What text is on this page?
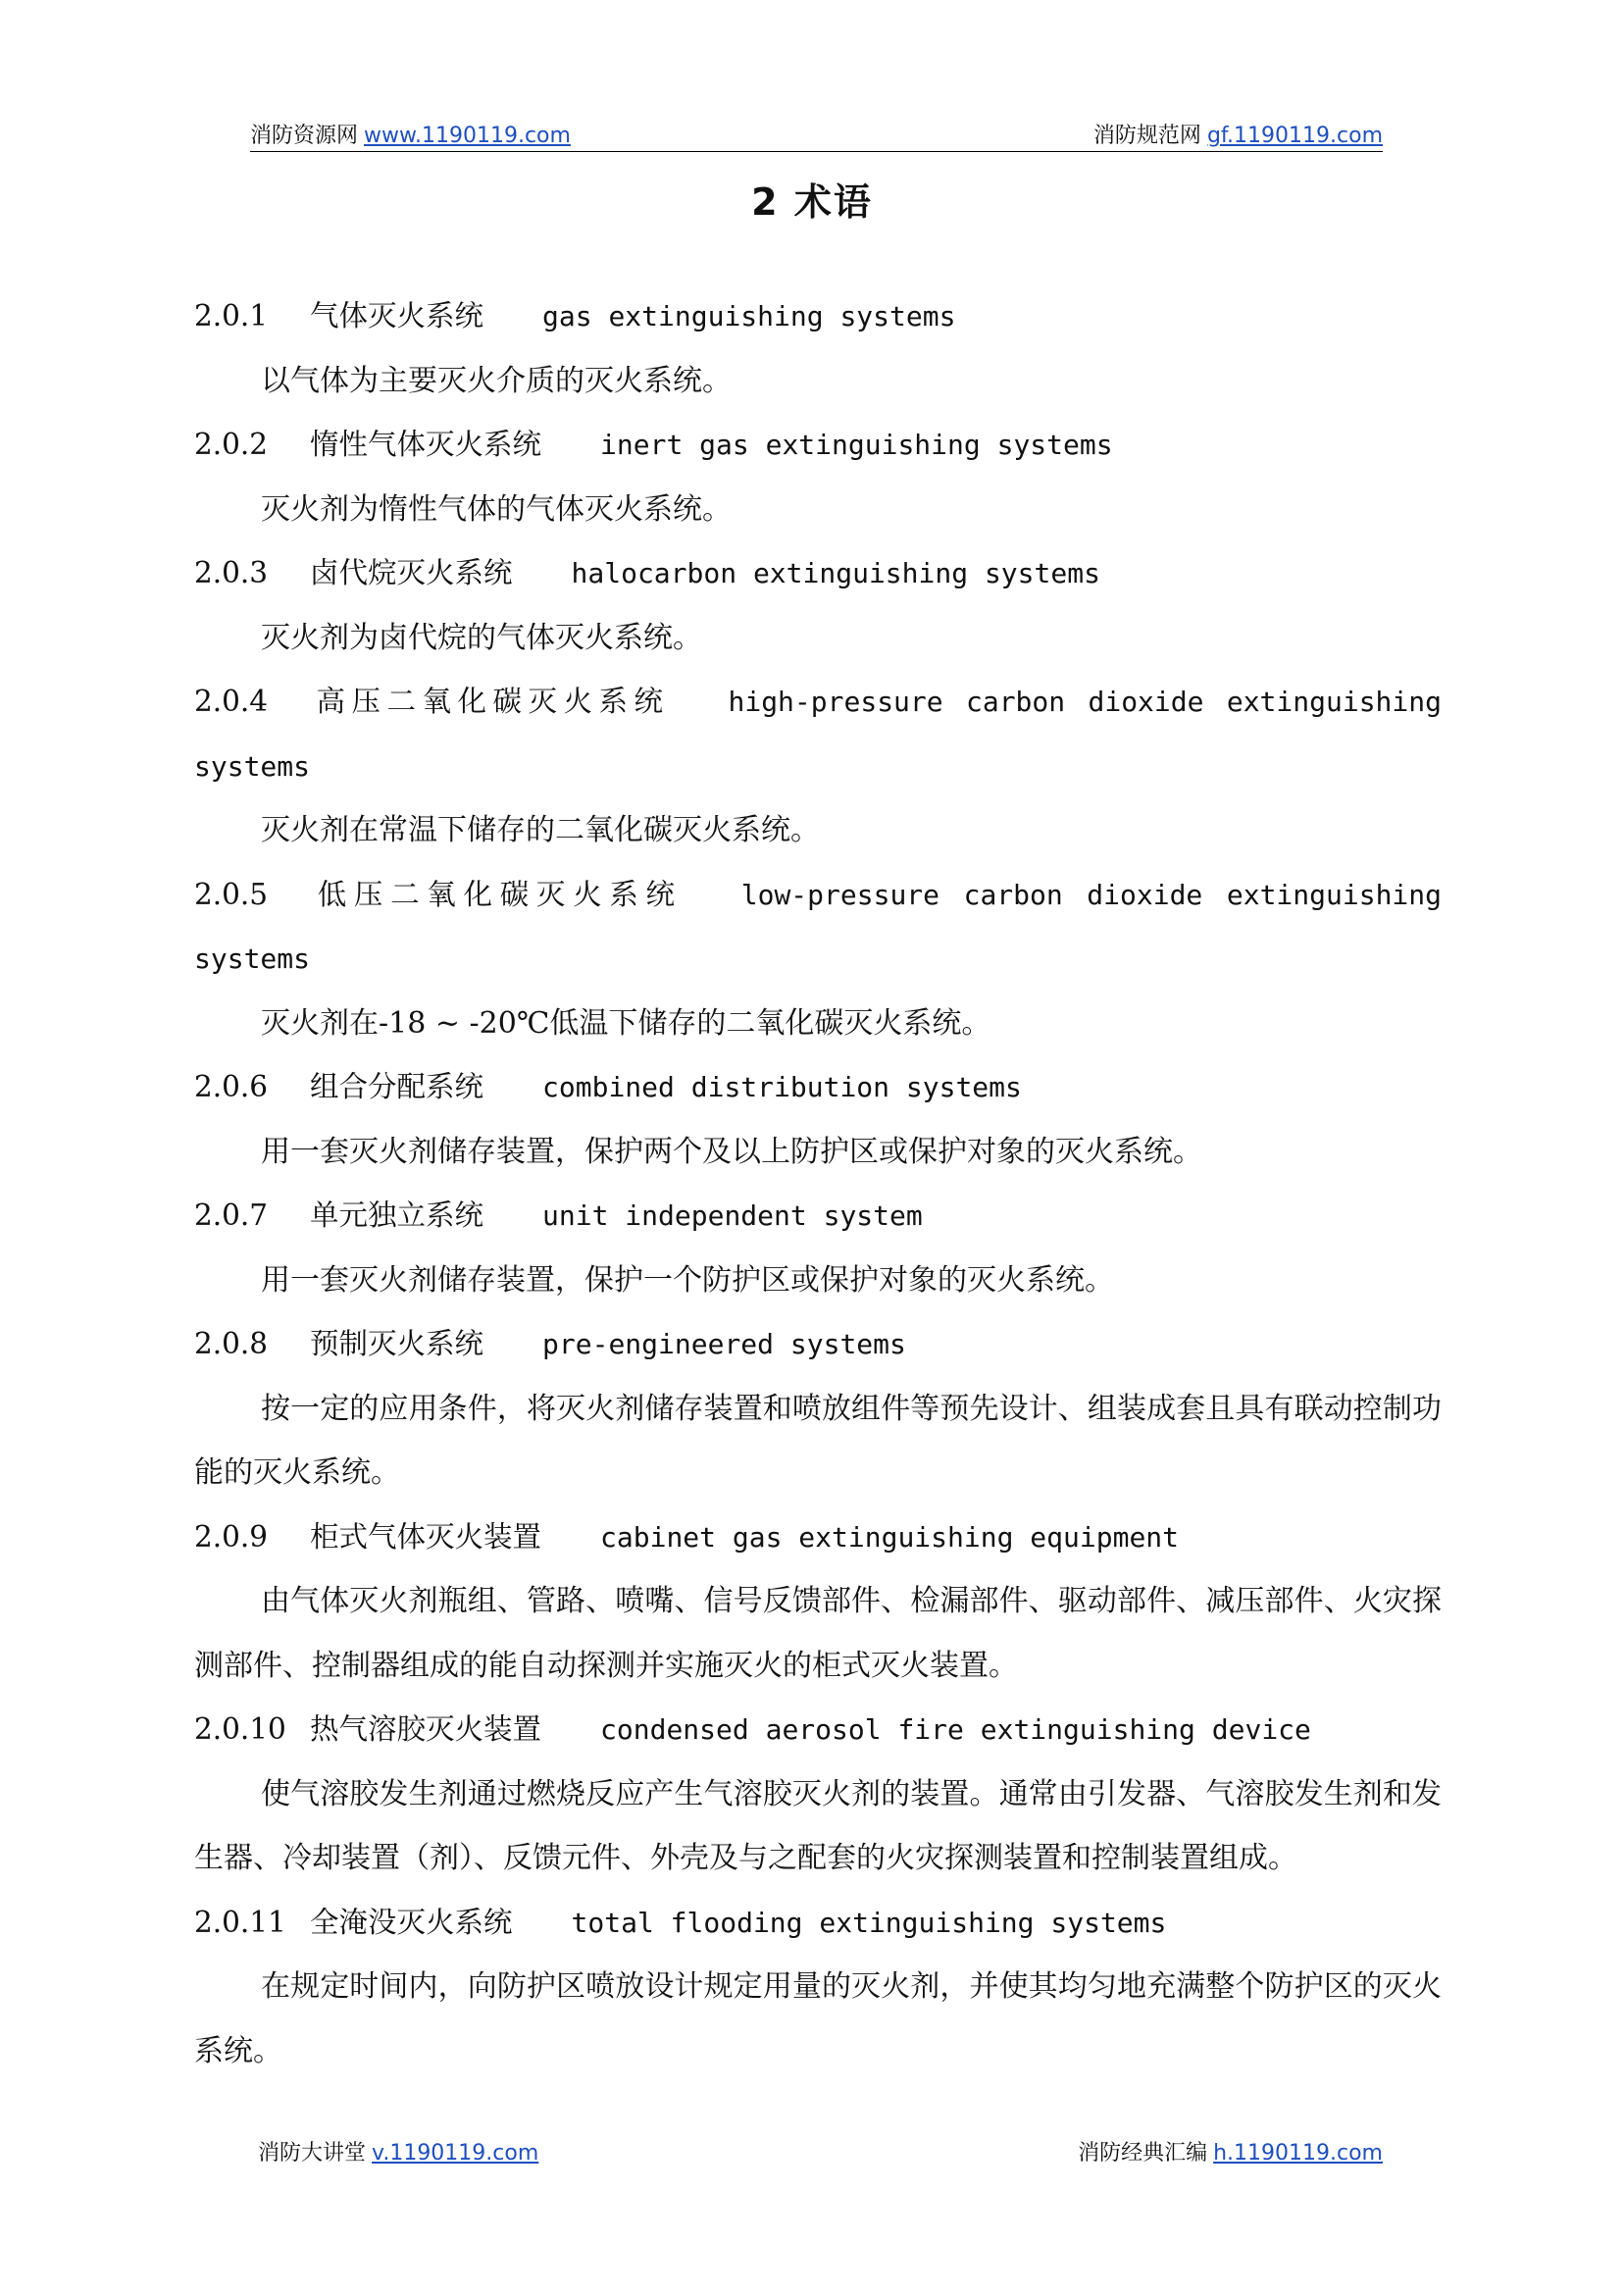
消防资源网 www.1190119.com	消防规范网 gf.1190119.com
2 术语
2.0.1 气体灭火系统 gas extinguishing systems
以气体为主要灭火介质的灭火系统。
2.0.2 惰性气体灭火系统 inert gas extinguishing systems
灭火剂为惰性气体的气体灭火系统。
2.0.3 卤代烷灭火系统 halocarbon extinguishing systems
灭火剂为卤代烷的气体灭火系统。
2.0.4 高压二氧化碳灭火系统 high-pressure carbon dioxide extinguishing systems
灭火剂在常温下储存的二氧化碳灭火系统。
2.0.5 低压二氧化碳灭火系统 low-pressure carbon dioxide extinguishing systems
灭火剂在-18 ~ -20℃低温下储存的二氧化碳灭火系统。
2.0.6 组合分配系统 combined distribution systems
用一套灭火剂储存装置，保护两个及以上防护区或保护对象的灭火系统。
2.0.7 单元独立系统 unit independent system
用一套灭火剂储存装置，保护一个防护区或保护对象的灭火系统。
2.0.8 预制灭火系统 pre-engineered systems
按一定的应用条件，将灭火剂储存装置和喷放组件等预先设计、组装成套且具有联动控制功能的灭火系统。
2.0.9 柜式气体灭火装置 cabinet gas extinguishing equipment
由气体灭火剂瓶组、管路、喷嘴、信号反馈部件、检漏部件、驱动部件、减压部件、火灾探测部件、控制器组成的能自动探测并实施灭火的柜式灭火装置。
2.0.10 热气溶胶灭火装置 condensed aerosol fire extinguishing device
使气溶胶发生剂通过燃烧反应产生气溶胶灭火剂的装置。通常由引发器、气溶胶发生剂和发生器、冷却装置（剂）、反馈元件、外壳及与之配套的火灾探测装置和控制装置组成。
2.0.11 全淹没灭火系统 total flooding extinguishing systems
在规定时间内，向防护区喷放设计规定用量的灭火剂，并使其均匀地充满整个防护区的灭火系统。
消防大讲堂 v.1190119.com	消防经典汇编 h.1190119.com
